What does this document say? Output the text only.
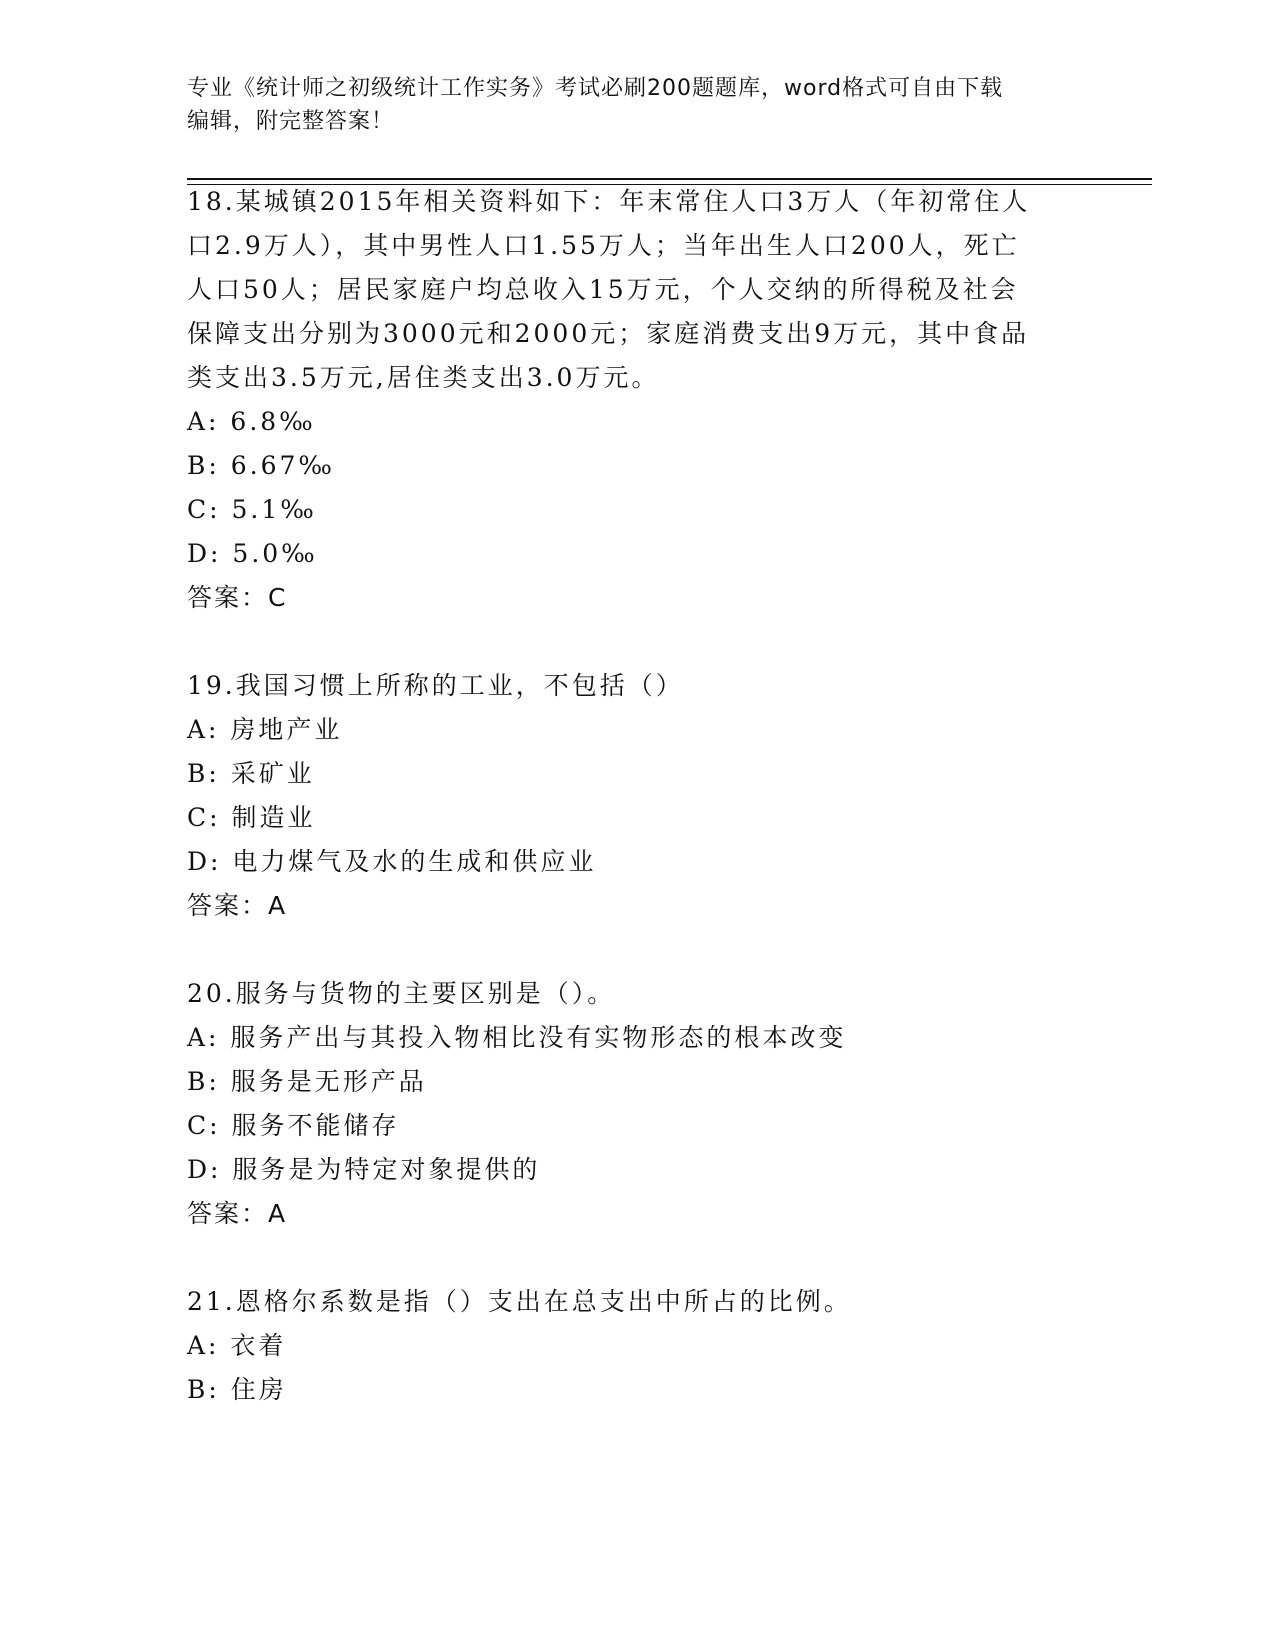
专业《统计师之初级统计工作实务》考试必刷200题题库，word格式可自由下载
编辑，附完整答案！
18.某城镇2015年相关资料如下：年末常住人口3万人（年初常住人
口2.9万人），其中男性人口1.55万人；当年出生人口200人，死亡
人口50人；居民家庭户均总收入15万元，个人交纳的所得税及社会
保障支出分别为3000元和2000元；家庭消费支出9万元，其中食品
类支出3.5万元,居住类支出3.0万元。
A: 6.8‰
B: 6.67‰
C: 5.1‰
D: 5.0‰
答案：C
19.我国习惯上所称的工业，不包括（）
A: 房地产业
B: 采矿业
C: 制造业
D: 电力煤气及水的生成和供应业
答案：A
20.服务与货物的主要区别是（）。
A: 服务产出与其投入物相比没有实物形态的根本改变
B: 服务是无形产品
C: 服务不能储存
D: 服务是为特定对象提供的
答案：A
21.恩格尔系数是指（）支出在总支出中所占的比例。
A: 衣着
B: 住房
